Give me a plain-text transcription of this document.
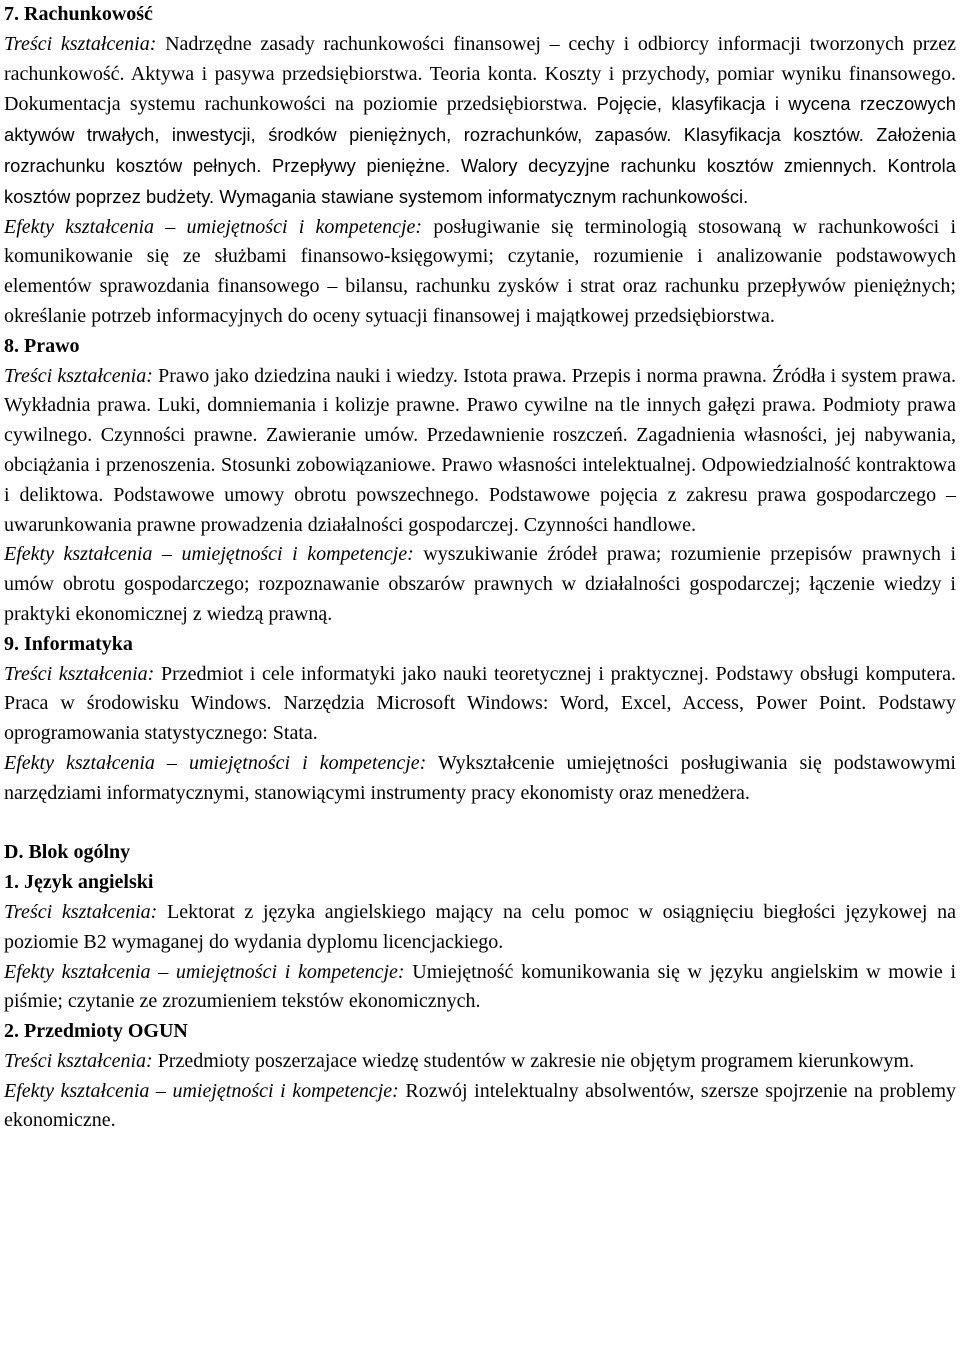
7. Rachunkowość

Treści kształcenia: Nadrzędne zasady rachunkowości finansowej – cechy i odbiorcy informacji tworzonych przez rachunkowość. Aktywa i pasywa przedsiębiorstwa. Teoria konta. Koszty i przychody, pomiar wyniku finansowego. Dokumentacja systemu rachunkowości na poziomie przedsiębiorstwa. Pojęcie, klasyfikacja i wycena rzeczowych aktywów trwałych, inwestycji, środków pieniężnych, rozrachunków, zapasów. Klasyfikacja kosztów. Założenia rozrachunku kosztów pełnych. Przepływy pieniężne. Walory decyzyjne rachunku kosztów zmiennych. Kontrola kosztów poprzez budżety. Wymagania stawiane systemom informatycznym rachunkowości.

Efekty kształcenia – umiejętności i kompetencje: posługiwanie się terminologią stosowaną w rachunkowości i komunikowanie się ze służbami finansowo-księgowymi; czytanie, rozumienie i analizowanie podstawowych elementów sprawozdania finansowego – bilansu, rachunku zysków i strat oraz rachunku przepływów pieniężnych; określanie potrzeb informacyjnych do oceny sytuacji finansowej i majątkowej przedsiębiorstwa.

8. Prawo

Treści kształcenia: Prawo jako dziedzina nauki i wiedzy. Istota prawa. Przepis i norma prawna. Źródła i system prawa. Wykładnia prawa. Luki, domniemania i kolizje prawne. Prawo cywilne na tle innych gałęzi prawa. Podmioty prawa cywilnego. Czynności prawne. Zawieranie umów. Przedawnienie roszczeń. Zagadnienia własności, jej nabywania, obciążania i przenoszenia. Stosunki zobowiązaniowe. Prawo własności intelektualnej. Odpowiedzialność kontraktowa i deliktowa. Podstawowe umowy obrotu powszechnego. Podstawowe pojęcia z zakresu prawa gospodarczego – uwarunkowania prawne prowadzenia działalności gospodarczej. Czynności handlowe.

Efekty kształcenia – umiejętności i kompetencje: wyszukiwanie źródeł prawa; rozumienie przepisów prawnych i umów obrotu gospodarczego; rozpoznawanie obszarów prawnych w działalności gospodarczej; łączenie wiedzy i praktyki ekonomicznej z wiedzą prawną.

9. Informatyka

Treści kształcenia: Przedmiot i cele informatyki jako nauki teoretycznej i praktycznej. Podstawy obsługi komputera. Praca w środowisku Windows. Narzędzia Microsoft Windows: Word, Excel, Access, Power Point. Podstawy oprogramowania statystycznego: Stata.

Efekty kształcenia – umiejętności i kompetencje: Wykształcenie umiejętności posługiwania się podstawowymi narzędziami informatycznymi, stanowiącymi instrumenty pracy ekonomisty oraz menedżera.

D. Blok ogólny

1. Język angielski

Treści kształcenia: Lektorat z języka angielskiego mający na celu pomoc w osiągnięciu biegłości językowej na poziomie B2 wymaganej do wydania dyplomu licencjackiego.

Efekty kształcenia – umiejętności i kompetencje: Umiejętność komunikowania się w języku angielskim w mowie i piśmie; czytanie ze zrozumieniem tekstów ekonomicznych.

2. Przedmioty OGUN

Treści kształcenia: Przedmioty poszerzajace wiedzę studentów w zakresie nie objętym programem kierunkowym.

Efekty kształcenia – umiejętności i kompetencje: Rozwój intelektualny absolwentów, szersze spojrzenie na problemy ekonomiczne.
